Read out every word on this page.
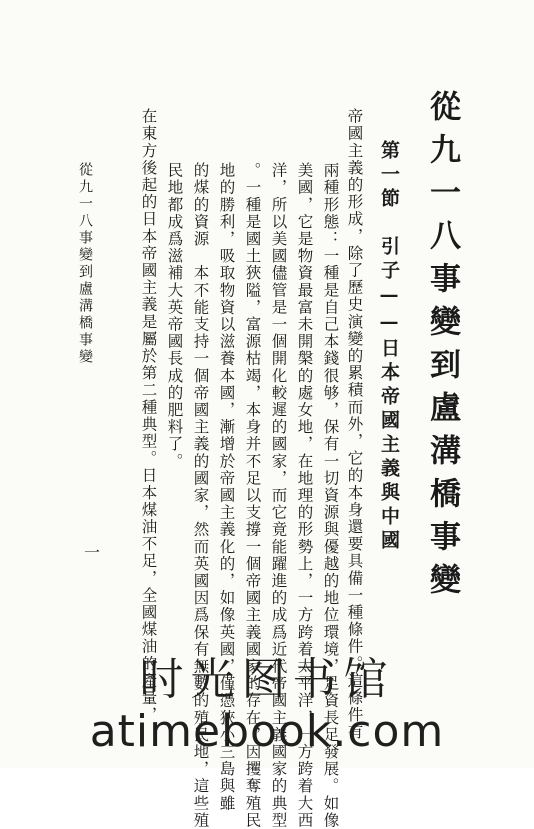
從九一八事變到盧溝橋事變
第一節　引子——日本帝國主義與中國
帝國主義的形成，除了歷史演變的累積而外，它的本身還要具備一種條件。這條件有
兩種形態：一種是自己本錢很够，保有一切資源與優越的地位環境，足資長足發展。如像
美國，它是物資最富未開槃的處女地，在地理的形勢上，一方跨着太平洋，一方跨着大西
洋，所以美國儘管是一個開化較遲的國家，而它竟能躍進的成爲近代帝國主義國家的典型
。一種是國土狹隘，富源枯竭，本身并不足以支撐一個帝國主義國家的存在，因攫奪殖民
地的勝利，吸取物資以滋養本國，漸增於帝國主義化的，如像英國，僅憑狹小三島與雖
的煤的資源　本不能支持一個帝國主義的國家，然而英國因爲保有無數的殖民地，這些殖
民地都成爲滋補大英帝國長成的肥料了。
在東方後起的日本帝國主義是屬於第二種典型。日本煤油不足，全國煤油的產量，
從九一八事變到盧溝橋事變
一
时光图书馆
atimebook.com
